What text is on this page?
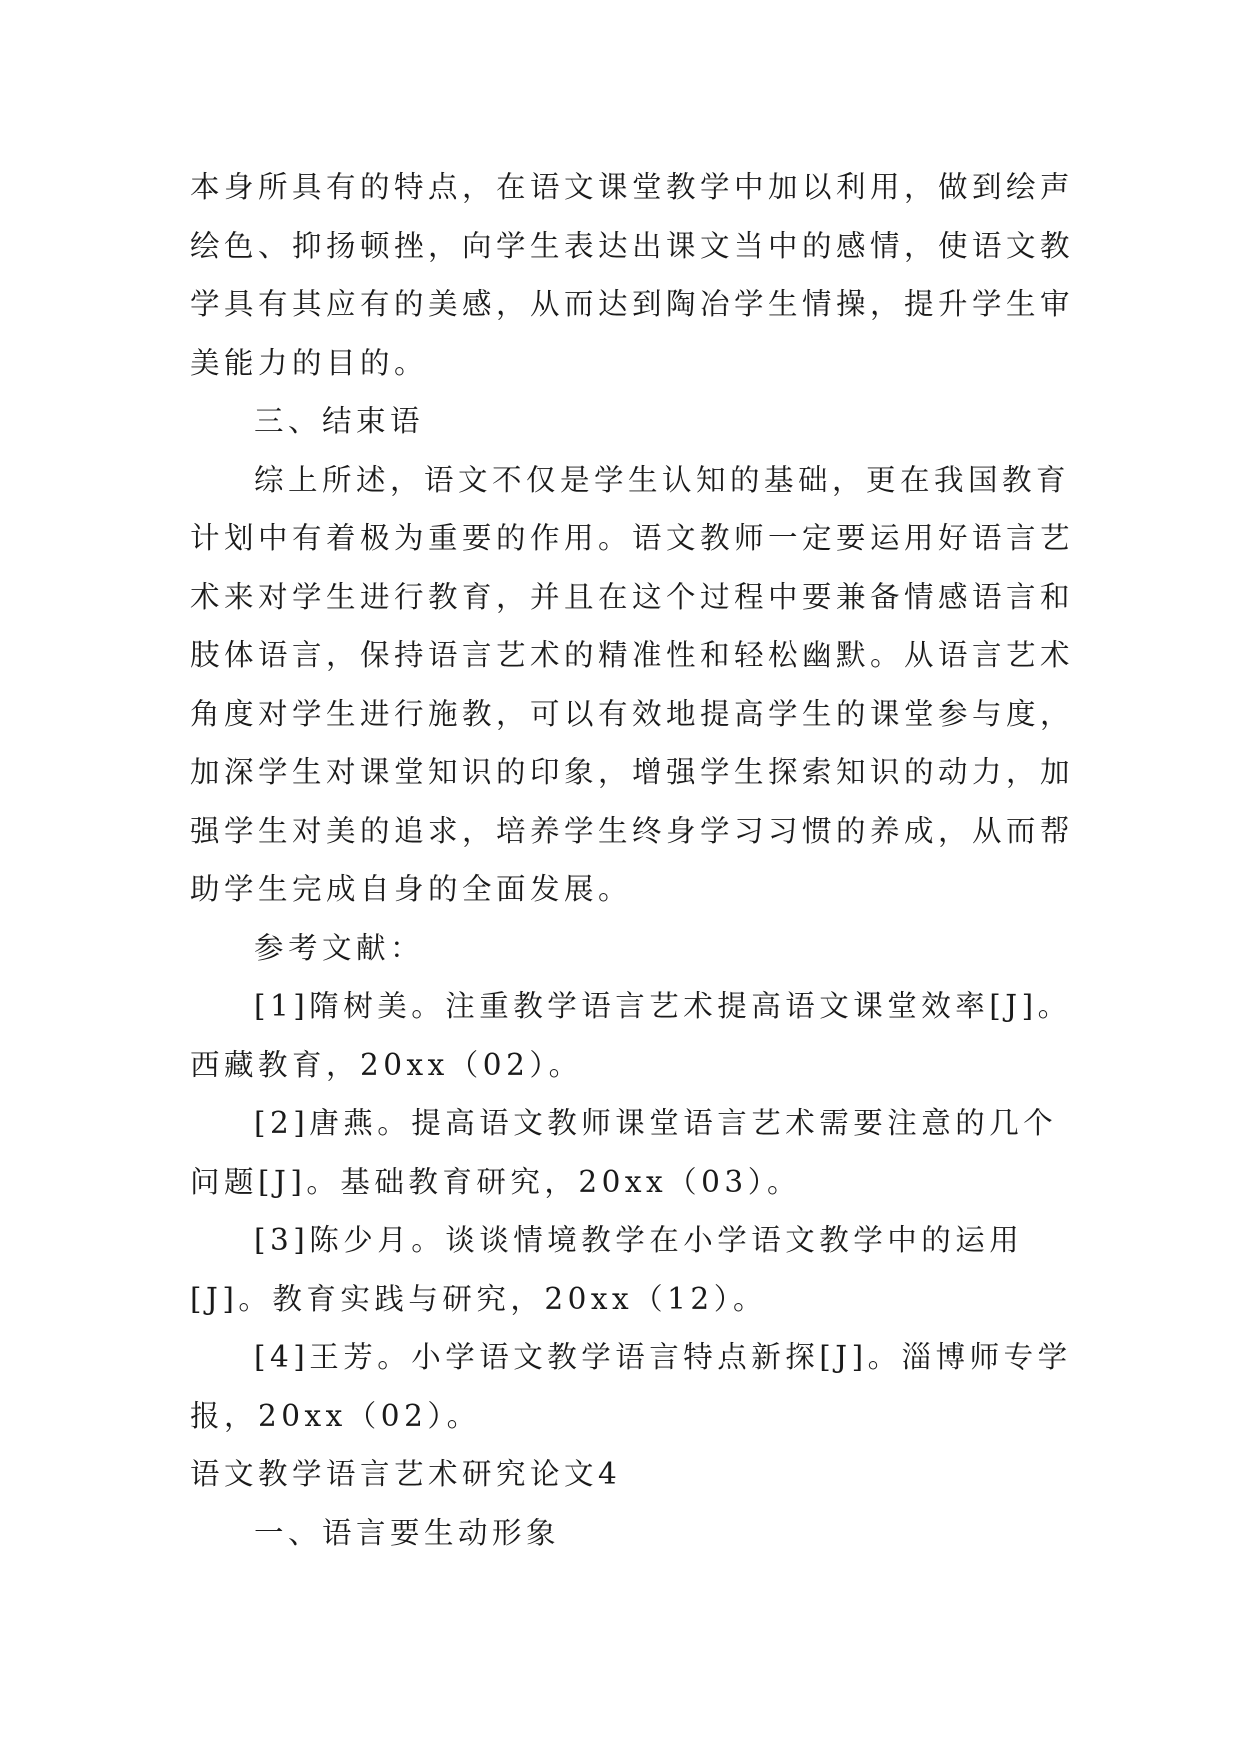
本身所具有的特点，在语文课堂教学中加以利用，做到绘声
绘色、抑扬顿挫，向学生表达出课文当中的感情，使语文教
学具有其应有的美感，从而达到陶冶学生情操，提升学生审
美能力的目的。
三、结束语
综上所述，语文不仅是学生认知的基础，更在我国教育
计划中有着极为重要的作用。语文教师一定要运用好语言艺
术来对学生进行教育，并且在这个过程中要兼备情感语言和
肢体语言，保持语言艺术的精准性和轻松幽默。从语言艺术
角度对学生进行施教，可以有效地提高学生的课堂参与度，
加深学生对课堂知识的印象，增强学生探索知识的动力，加
强学生对美的追求，培养学生终身学习习惯的养成，从而帮
助学生完成自身的全面发展。
参考文献：
[1]隋树美。注重教学语言艺术提高语文课堂效率[J]。
西藏教育，20xx（02）。
[2]唐燕。提高语文教师课堂语言艺术需要注意的几个
问题[J]。基础教育研究，20xx（03）。
[3]陈少月。谈谈情境教学在小学语文教学中的运用
[J]。教育实践与研究，20xx（12）。
[4]王芳。小学语文教学语言特点新探[J]。淄博师专学
报，20xx（02）。
语文教学语言艺术研究论文4
一、语言要生动形象
